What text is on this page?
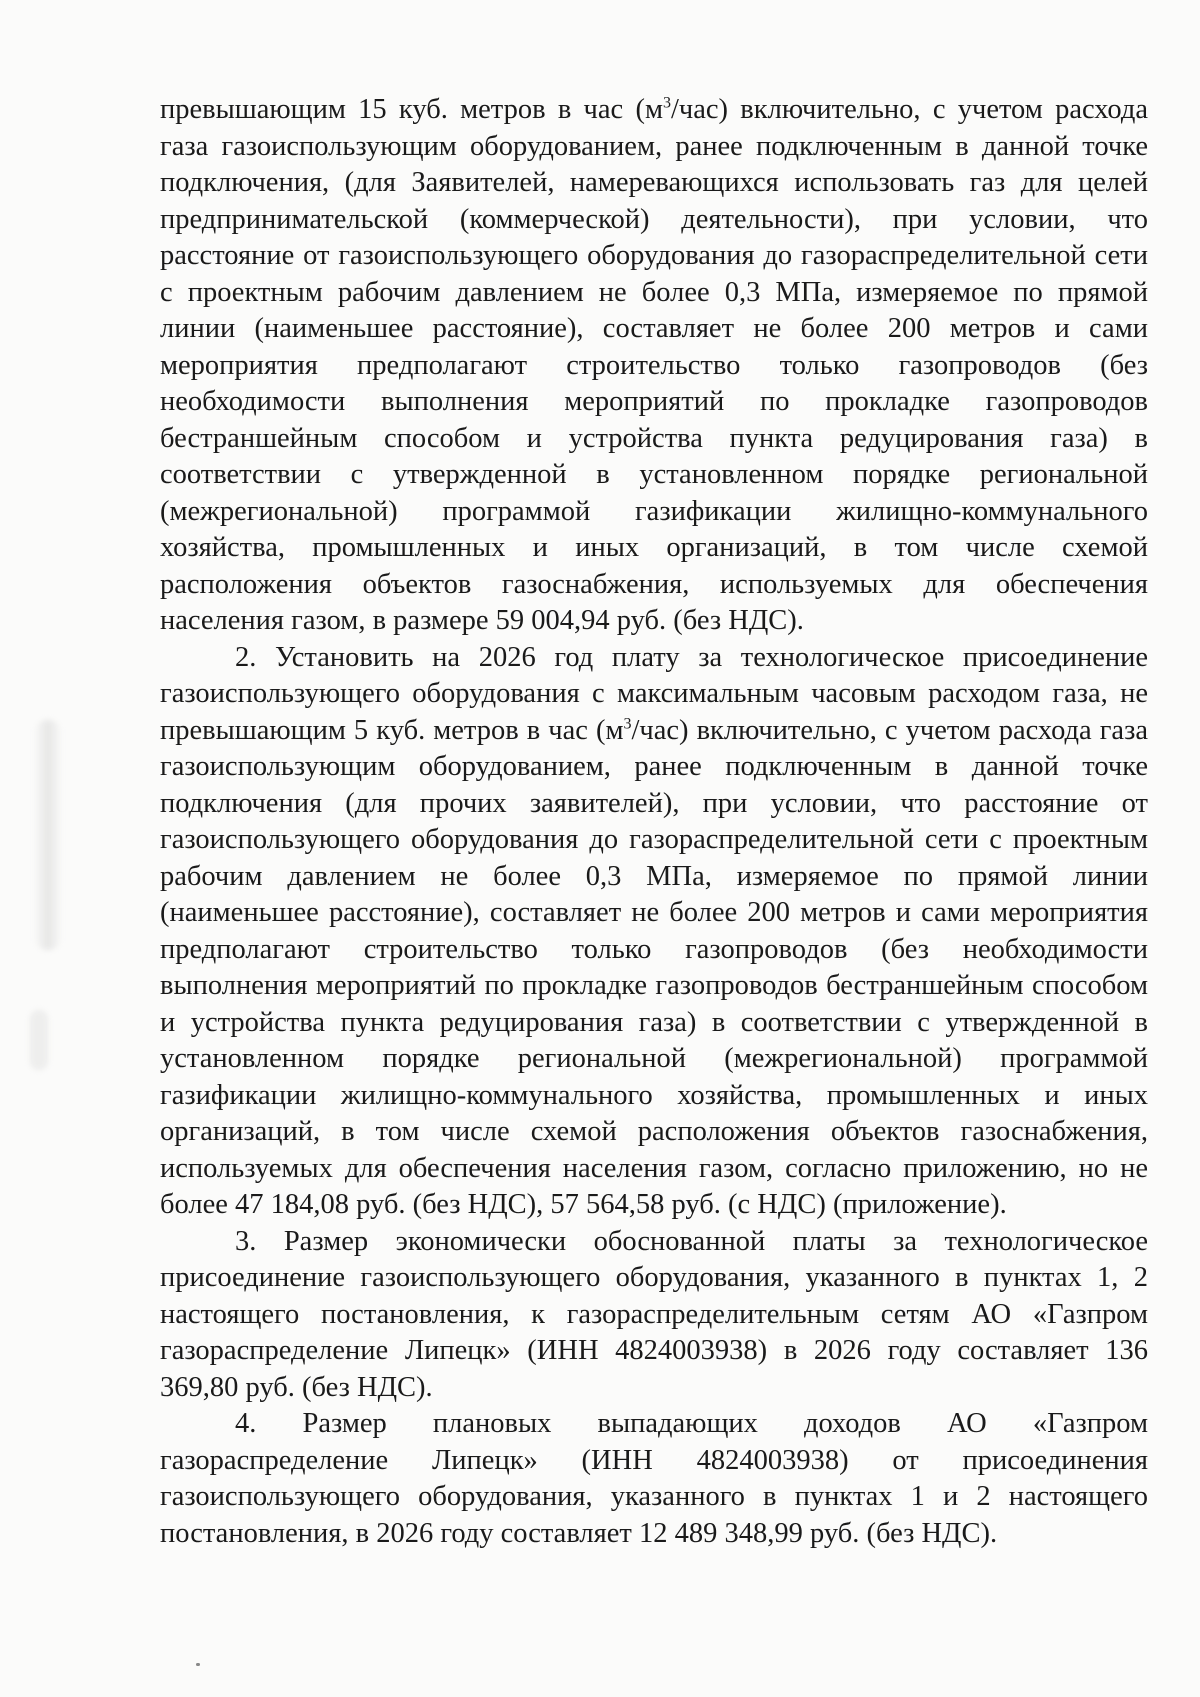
превышающим 15 куб. метров в час $(м^3/час)$ включительно, с учетом расхода газа газоиспользующим оборудованием, ранее подключенным в данной точке подключения, (для Заявителей, намеревающихся использовать газ для целей предпринимательской (коммерческой) деятельности), при условии, что расстояние от газоиспользующего оборудования до газораспределительной сети с проектным рабочим давлением не более 0,3 МПа, измеряемое по прямой линии (наименьшее расстояние), составляет не более 200 метров и сами мероприятия предполагают строительство только газопроводов (без необходимости выполнения мероприятий по прокладке газопроводов бестраншейным способом и устройства пункта редуцирования газа) в соответствии с утвержденной в установленном порядке региональной (межрегиональной) программой газификации жилищно-коммунального хозяйства, промышленных и иных организаций, в том числе схемой расположения объектов газоснабжения, используемых для обеспечения населения газом, в размере 59 004,94 руб. (без НДС).

2. Установить на 2026 год плату за технологическое присоединение газоиспользующего оборудования с максимальным часовым расходом газа, не превышающим 5 куб. метров в час $(м^3/час)$ включительно, с учетом расхода газа газоиспользующим оборудованием, ранее подключенным в данной точке подключения (для прочих заявителей), при условии, что расстояние от газоиспользующего оборудования до газораспределительной сети с проектным рабочим давлением не более 0,3 МПа, измеряемое по прямой линии (наименьшее расстояние), составляет не более 200 метров и сами мероприятия предполагают строительство только газопроводов (без необходимости выполнения мероприятий по прокладке газопроводов бестраншейным способом и устройства пункта редуцирования газа) в соответствии с утвержденной в установленном порядке региональной (межрегиональной) программой газификации жилищно-коммунального хозяйства, промышленных и иных организаций, в том числе схемой расположения объектов газоснабжения, используемых для обеспечения населения газом, согласно приложению, но не более 47 184,08 руб. (без НДС), 57 564,58 руб. (с НДС) (приложение).

3. Размер экономически обоснованной платы за технологическое присоединение газоиспользующего оборудования, указанного в пунктах 1, 2 настоящего постановления, к газораспределительным сетям АО «Газпром газораспределение Липецк» (ИНН 4824003938) в 2026 году составляет 136 369,80 руб. (без НДС).

4. Размер плановых выпадающих доходов АО «Газпром газораспределение Липецк» (ИНН 4824003938) от присоединения газоиспользующего оборудования, указанного в пунктах 1 и 2 настоящего постановления, в 2026 году составляет 12 489 348,99 руб. (без НДС).
